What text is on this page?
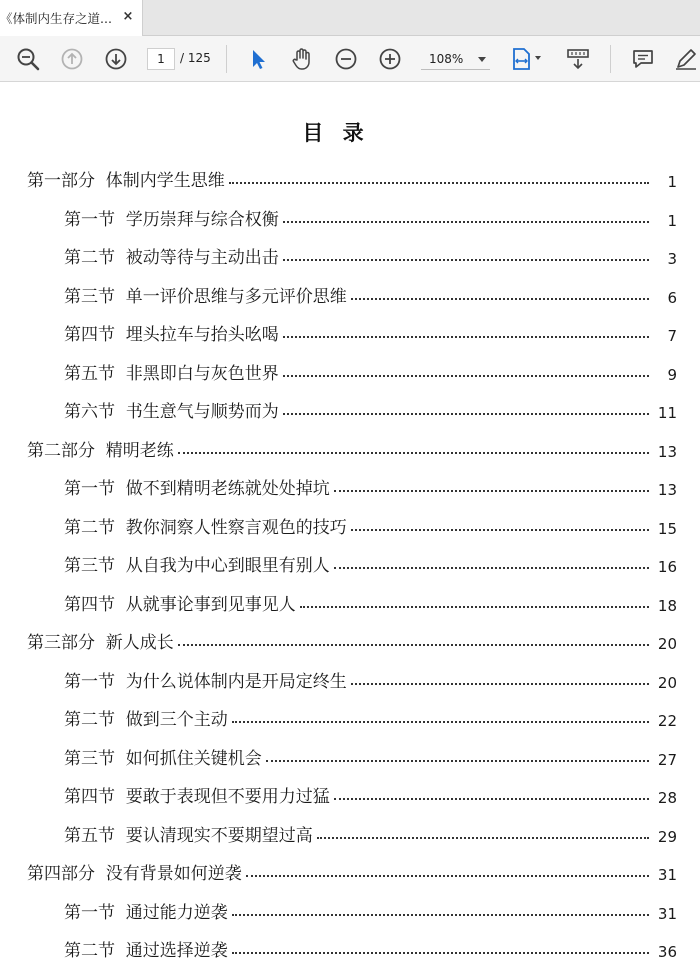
《体制内生存之道... ×
1	/ 125	108%
目 录
第一部分  体制内学生思维	1
第一节  学历崇拜与综合权衡	1
第二节  被动等待与主动出击	3
第三节  单一评价思维与多元评价思维	6
第四节  埋头拉车与抬头吆喝	7
第五节  非黑即白与灰色世界	9
第六节  书生意气与顺势而为	11
第二部分  精明老练	13
第一节  做不到精明老练就处处掉坑	13
第二节  教你洞察人性察言观色的技巧	15
第三节  从自我为中心到眼里有别人	16
第四节  从就事论事到见事见人	18
第三部分  新人成长	20
第一节  为什么说体制内是开局定终生	20
第二节  做到三个主动	22
第三节  如何抓住关键机会	27
第四节  要敢于表现但不要用力过猛	28
第五节  要认清现实不要期望过高	29
第四部分  没有背景如何逆袭	31
第一节  通过能力逆袭	31
第二节  通过选择逆袭	36
